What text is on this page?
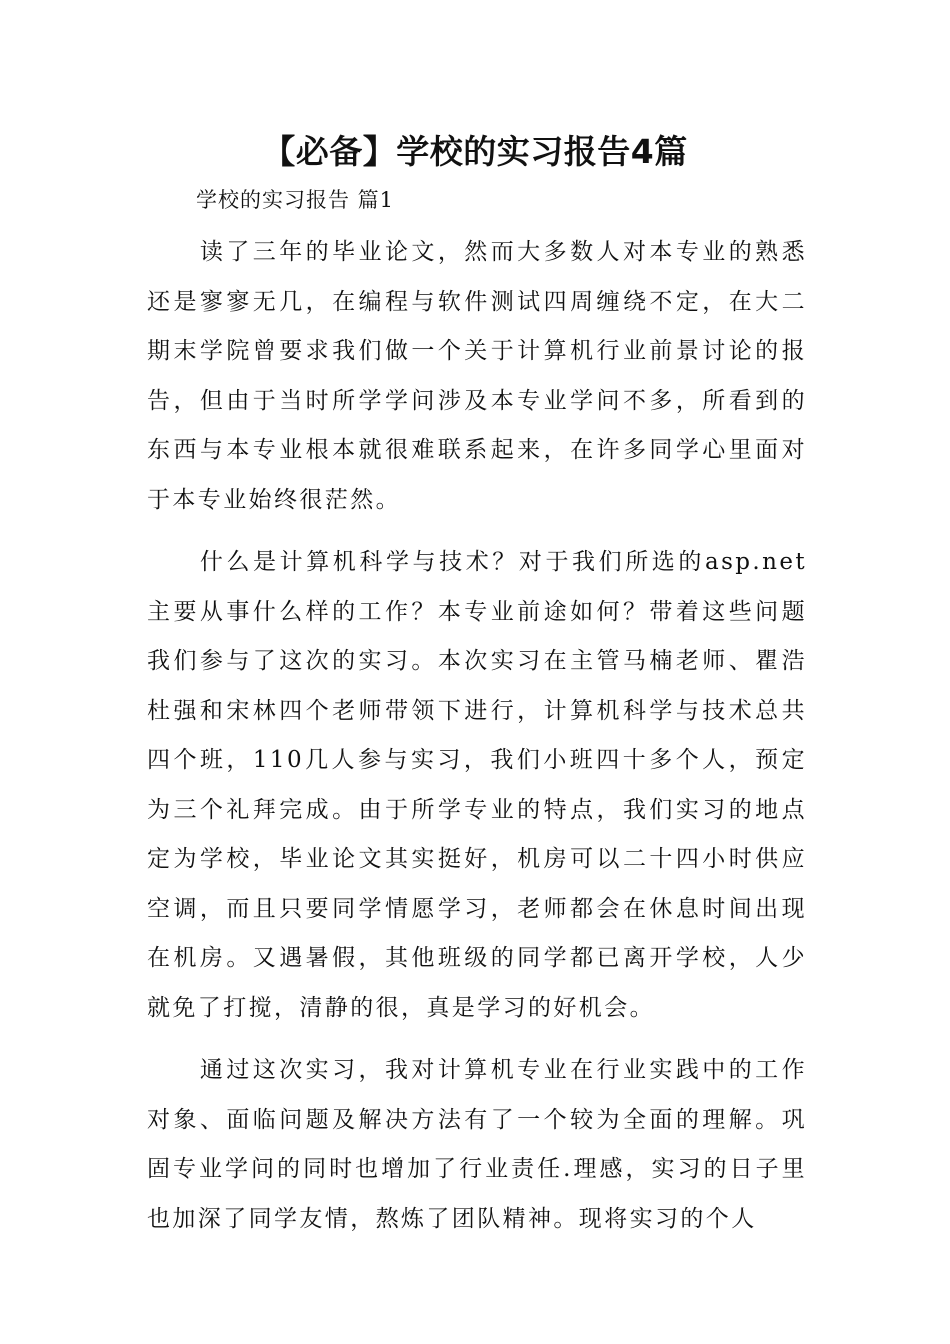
【必备】学校的实习报告4篇
学校的实习报告 篇1

读了三年的毕业论文，然而大多数人对本专业的熟悉还是寥寥无几，在编程与软件测试四周缠绕不定，在大二期末学院曾要求我们做一个关于计算机行业前景讨论的报告，但由于当时所学学问涉及本专业学问不多，所看到的东西与本专业根本就很难联系起来，在许多同学心里面对于本专业始终很茫然。

什么是计算机科学与技术？对于我们所选的asp.net主要从事什么样的工作？本专业前途如何？带着这些问题我们参与了这次的实习。本次实习在主管马楠老师、瞿浩杜强和宋林四个老师带领下进行，计算机科学与技术总共四个班，110几人参与实习，我们小班四十多个人，预定为三个礼拜完成。由于所学专业的特点，我们实习的地点定为学校，毕业论文其实挺好，机房可以二十四小时供应空调，而且只要同学情愿学习，老师都会在休息时间出现在机房。又遇暑假，其他班级的同学都已离开学校，人少就免了打搅，清静的很，真是学习的好机会。

通过这次实习，我对计算机专业在行业实践中的工作对象、面临问题及解决方法有了一个较为全面的理解。巩固专业学问的同时也增加了行业责任.理感，实习的日子里也加深了同学友情，熬炼了团队精神。现将实习的个人
